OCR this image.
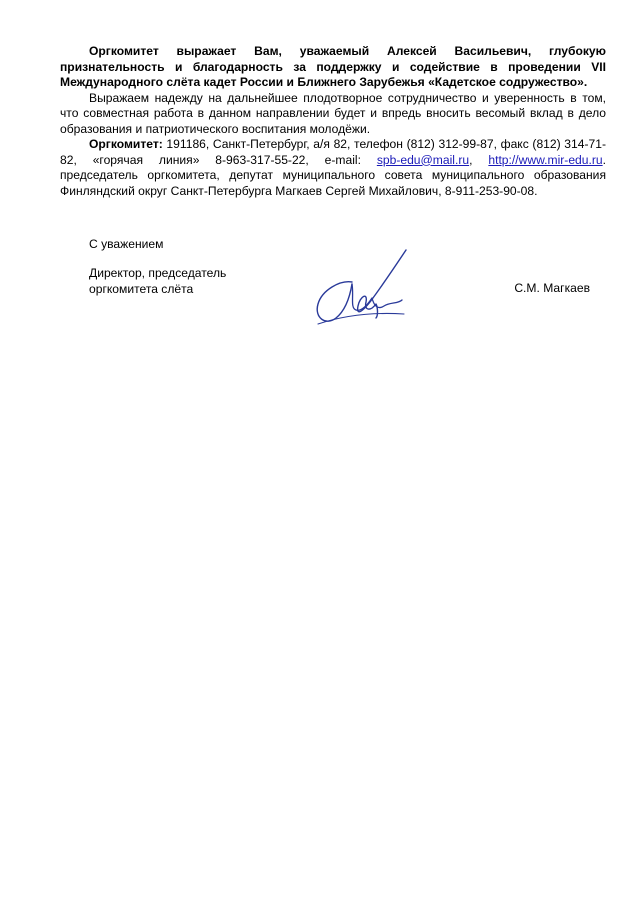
Оргкомитет выражает Вам, уважаемый Алексей Васильевич, глубокую признательность и благодарность за поддержку и содействие в проведении VII Международного слёта кадет России и Ближнего Зарубежья «Кадетское содружество».

Выражаем надежду на дальнейшее плодотворное сотрудничество и уверенность в том, что совместная работа в данном направлении будет и впредь вносить весомый вклад в дело образования и патриотического воспитания молодёжи.

Оргкомитет: 191186, Санкт-Петербург, а/я 82, телефон (812) 312-99-87, факс (812) 314-71-82, «горячая линия» 8-963-317-55-22, e-mail: spb-edu@mail.ru, http://www.mir-edu.ru. председатель оргкомитета, депутат муниципального совета муниципального образования Финляндский округ Санкт-Петербурга Магкаев Сергей Михайлович, 8-911-253-90-08.

С уважением
Директор, председатель
оргкомитета слёта	С.М. Магкаев
